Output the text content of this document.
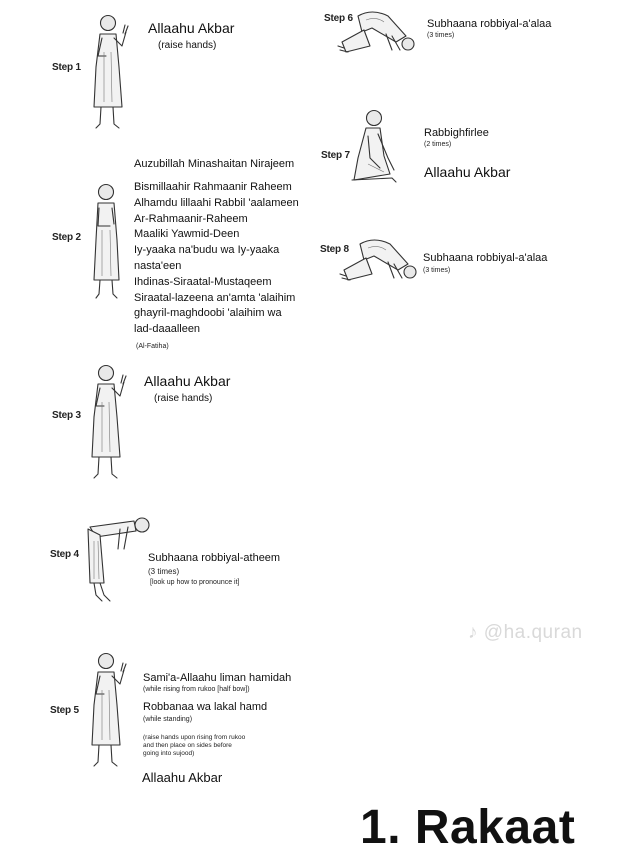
Step 1
Allaahu Akbar
(raise hands)
Auzubillah Minashaitan Nirajeem
Step 2
Bismillaahir Rahmaanir Raheem
Alhamdu lillaahi Rabbil 'aalameen
Ar-Rahmaanir-Raheem
Maaliki Yawmid-Deen
Iy-yaaka na'budu wa Iy-yaaka
nasta'een
Ihdinas-Siraatal-Mustaqeem
Siraatal-lazeena an'amta 'alaihim
ghayril-maghdoobi 'alaihim wa
lad-daaalleen
(Al-Fatiha)
Step 3
Allaahu Akbar
(raise hands)
Step 4	Subhaana robbiyal-atheem
(3 times)
[look up how to pronounce it]
Step 5
Sami'a-Allaahu liman hamidah
(while rising from rukoo [half bow])
Robbanaa wa lakal hamd
(while standing)
(raise hands upon rising from rukoo
and then place on sides before
going into sujood)
Allaahu Akbar
Step 6	Subhaana robbiyal-a'alaa
(3 times)
Step 7
Rabbighfirlee
(2 times)
Allaahu Akbar
Step 8
Subhaana robbiyal-a'alaa
(3 times)
♪ @ha.quran
1. Rakaat
